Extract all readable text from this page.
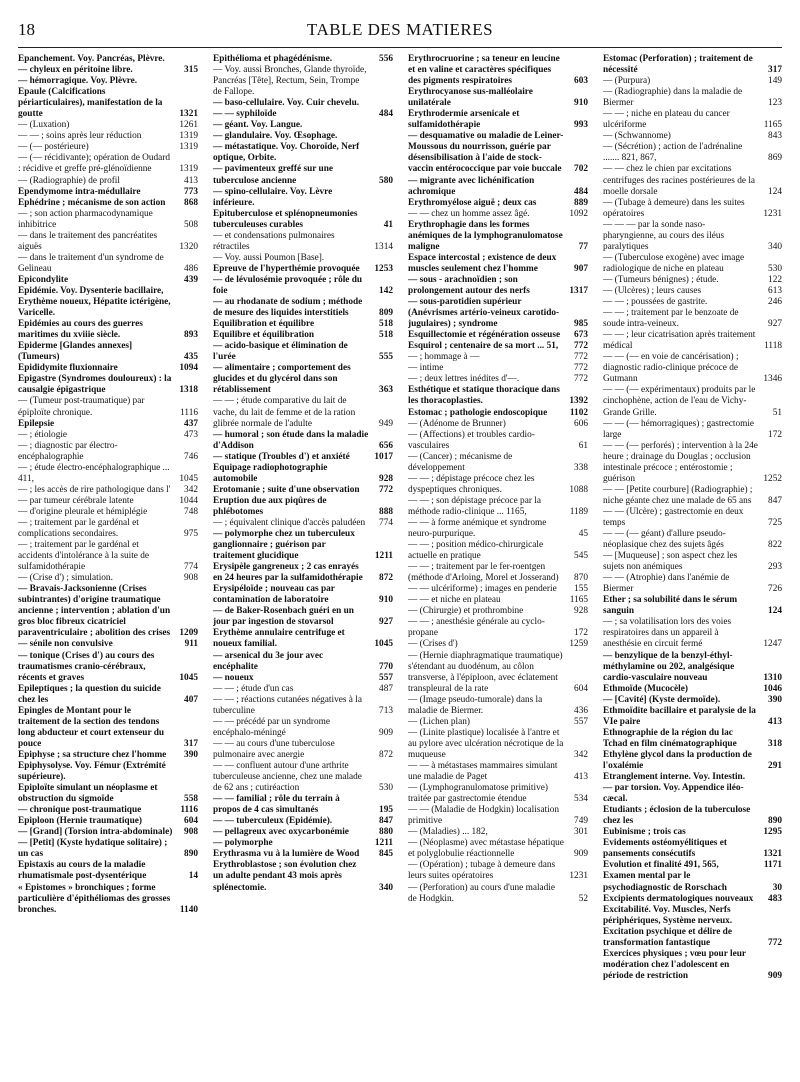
18	TABLE DES MATIERES
Epanchement. Voy. Pancréas, Plèvre.
— chyleux en péritoine libre.	315
— hémorragique. Voy. Plèvre.
Epaule (Calcifications périarticulaires), manifestation de la goutte	1321
— (Luxation)	1261
— — ; soins après leur réduction	1319
— (— postérieure)	1319
— (— récidivante); opération de Oudard : récidive et greffe pré-glénoïdienne	1319
— (Radiographie) de profil	413
Ependymome intra-médullaire	773
Ephédrine ; mécanisme de son action	868
— ; son action pharmacodynamique inhibitrice	508
— dans le traitement des pancréatites aiguës	1320
— dans le traitement d'un syndrome de Gelineau	486
Epicondylite	439
Epidémie. Voy. Dysenterie bacillaire, Erythème noueux, Hépatite ictérigène, Varicelle.
Epidémies au cours des guerres maritimes du xviiie siècle.	893
Epiderme [Glandes annexes] (Tumeurs)	435
Epididymite fluxionnaire	1094
Epigastre (Syndromes douloureux) : la causalgie épigastrique	1318
— (Tumeur post-traumatique) par épiploïte chronique.	1116
Epilepsie	437
— ; étiologie	473
— ; diagnostic par électro-encéphalographie	746
— ; étude électro-encéphalographique ... 411,	1045
— ; les accès de rire pathologique dans l'	342
— par tumeur cérébrale latente	1044
— d'origine pleurale et hémiplégie	748
— ; traitement par le gardénal et complications secondaires.	975
— ; traitement par le gardénal et accidents d'intolérance à la suite de sulfamidothérapie	774
— (Crise d') ; simulation.	908
— Bravais-Jacksonienne (Crises subintrantes) d'origine traumatique ancienne ; intervention ; ablation d'un gros bloc fibreux cicatriciel paraventriculaire ; abolition des crises 1209
— sénile non convulsive	911
— tonique (Crises d') au cours des traumatismes cranio-cérébraux, récents et graves	1045
Epileptiques ; la question du suicide chez les	407
Epingles de Montant pour le traitement de la section des tendons long abducteur et court extenseur du pouce	317
Epiphyse ; sa structure chez l'homme	390
Epiphysolyse. Voy. Fémur (Extrémité supérieure).
Epiploïte simulant un néoplasme et obstruction du sigmoïde	558
— chronique post-traumatique	1116
Epiploon (Hernie traumatique)	604
— [Grand] (Torsion intra-abdominale)	908
— [Petit] (Kyste hydatique solitaire) ; un cas	890
Epistaxis au cours de la maladie rhumatismale post-dysentérique	14
« Epistomes » bronchiques ; forme particulière d'épithéliomas des grosses bronches.	1140
Epithélioma et phagédénisme.	556
— Voy. aussi Bronches, Glande thyroïde, Pancréas [Tête], Rectum, Sein, Trompe de Fallope.
— baso-cellulaire. Voy. Cuir chevelu.
— — syphiloïde	484
— géant. Voy. Langue.
— glandulaire. Voy. Œsophage.
— métastatique. Voy. Choroïde, Nerf optique, Orbite.
— pavimenteux greffé sur une tuberculose ancienne	580
— spino-cellulaire. Voy. Lèvre inférieure.
Epituberculose et splénopneumonies tuberculeuses curables	41
— et condensations pulmonaires rétractiles	1314
— Voy. aussi Poumon [Base].
Epreuve de l'hyperthémie provoquée	1253
— de lévulosémie provoquée ; rôle du foie	142
— au rhodanate de sodium ; méthode de mesure des liquides interstitiels	809
Equilibration et équilibre	518
Equilibre et équilibration	518
— acido-basique et élimination de l'urée	555
— alimentaire ; comportement des glucides et du glycérol dans son rétablissement	363
— — ; étude comparative du lait de vache, du lait de femme et de la ration glibrée normale de l'adulte	949
— humoral ; son étude dans la maladie d'Addison	656
— statique (Troubles d') et anxiété	1017
Equipage radiophotographie automobile	928
Erotomanie ; suite d'une observation	772
Eruption due aux piqûres de phlébotomes	888
— ; équivalent clinique d'accès paludéen	774
— polymorphe chez un tuberculeux ganglionnaire ; guérison par traitement glucidique	1211
Erysipèle gangreneux ; 2 cas enrayés en 24 heures par la sulfamidothérapie	872
Erysipéloïde ; nouveau cas par contamination de laboratoire	910
— de Baker-Rosenbach guéri en un jour par ingestion de stovarsol	927
Erythème annulaire centrifuge et noueux familial.	1045
— arsenical du 3e jour avec encéphalite	770
— noueux	557
— — ; étude d'un cas	487
— — ; réactions cutanées négatives à la tuberculine	713
— — précédé par un syndrome encéphalo-méningé	909
— — au cours d'une tuberculose pulmonaire avec anergie	872
— — confluent autour d'une arthrite tuberculeuse ancienne, chez une malade de 62 ans ; cutiréaction	530
— — familial ; rôle du terrain à propos de 4 cas simultanés	195
— — tuberculeux (Epidémie).	847
— pellagreux avec oxycarbonémie	880
— polymorphe	1211
Erythrasma vu à la lumière de Wood	845
Erythroblastose ; son évolution chez un adulte pendant 43 mois après splénectomie.	340
Erythrocruorine ; sa teneur en leucine et en valine et caractères spécifiques des pigments respiratoires	603
Erythrocyanose sus-malléolaire unilatérale	910
Erythrodermie arsenicale et sulfamidothérapie	993
— desquamative ou maladie de Leiner-Moussous du nourrisson, guérie par désensibilisation à l'aide de stock-vaccin entérococcique par voie buccale	702
— migrante avec lichénification achromique	484
Erythromyélose aiguë ; deux cas	889
— — chez un homme assez âgé.	1092
Erythrophagie dans les formes anémiques de la lymphogranulomatose maligne	77
Espace intercostal ; existence de deux muscles seulement chez l'homme	907
— sous - arachnoïdien ; son prolongement autour des nerfs	1317
— sous-parotidien supérieur (Anévrismes artério-veineux carotido-jugulaires) ; syndrome	985
Esquillectomie et régénération osseuse	673
Esquirol ; centenaire de sa mort ... 51,	772
— ; hommage à —	772
— intime	772
— ; deux lettres inédites d'—.	772
Esthétique et statique thoracique dans les thoracoplasties.	1392
Estomac ; pathologie endoscopique	1102
— (Adénome de Brunner)	606
— (Affections) et troubles cardio-vasculaires	61
— (Cancer) ; mécanisme de développement	338
— — ; dépistage précoce chez les dyspeptiques chroniques.	1088
— — ; son dépistage précoce par la méthode radio-clinique ... 1165,	1189
— — à forme anémique et syndrome neuro-purpurique.	45
— — ; position médico-chirurgicale actuelle en pratique	545
— — ; traitement par le fer-roentgen (méthode d'Arloing, Morel et Josserand)	870
— — ulcériforme) ; images en penderie	155
— — et niche en plateau	1165
— (Chirurgie) et prothrombine	928
— — ; anesthésie générale au cyclo-propane	172
— (Crises d')	1259
— (Hernie diaphragmatique traumatique) s'étendant au duodénum, au côlon transverse, à l'épiploon, avec éclatement transpleural de la rate	604
— (Image pseudo-tumorale) dans la maladie de Biermer.	436
— (Lichen plan)	557
— (Linite plastique) localisée à l'antre et au pylore avec ulcération nécrotique de la muqueuse	342
— — à métastases mammaires simulant une maladie de Paget	413
— (Lymphogranulomatose primitive) traitée par gastrectomie étendue	534
— — (Maladie de Hodgkin) localisation primitive	749
— (Maladies) ... 182,	301
— (Néoplasme) avec métastase hépatique et polyglobulie réactionnelle	909
— (Opération) ; tubage à demeure dans leurs suites opératoires	1231
— (Perforation) au cours d'une maladie de Hodgkin.	52
Estomac (Perforation) ; traitement de nécessité	317
— (Purpura)	149
— (Radiographie) dans la maladie de Biermer	123
— — ; niche en plateau du cancer ulcériforme	1165
— (Schwannome)	843
— (Sécrétion) ; action de l'adrénaline ....... 821, 867,	869
— — chez le chien par excitations centrifuges des racines postérieures de la moelle dorsale	124
— (Tubage à demeure) dans les suites opératoires	1231
— — — par la sonde naso-pharyngienne, au cours des iléus paralytiques	340
— (Tuberculose exogène) avec image radiologique de niche en plateau	530
— (Tumeurs bénignes) ; étude.	122
— (Ulcères) ; leurs causes	613
— — ; poussées de gastrite.	246
— — ; traitement par le benzoate de soude intra-veineux.	927
— — ; leur cicatrisation après traitement médical	1118
— — (— en voie de cancérisation) ; diagnostic radio-clinique précoce de Gutmann	1346
— — (— expérimentaux) produits par le cinchophène, action de l'eau de Vichy-Grande Grille.	51
— — (— hémorragiques) ; gastrectomie large	172
— — (— perforés) ; intervention à la 24e heure ; drainage du Douglas ; occlusion intestinale précoce ; entérostomie ; guérison	1252
— — [Petite courbure] (Radiographie) ; niche géante chez une malade de 65 ans	847
— — (Ulcère) ; gastrectomie en deux temps	725
— — (— géant) d'allure pseudo-néoplasique chez des sujets âgés	822
— [Muqueuse] ; son aspect chez les sujets non anémiques	293
— — (Atrophie) dans l'anémie de Biermer	726
Ether ; sa solubilité dans le sérum sanguin	124
— ; sa volatilisation lors des voies respiratoires dans un appareil à anesthésie en circuit fermé	1247
— benzylique de la benzyl-éthyl-méthylamine ou 202, analgésique cardio-vasculaire nouveau	1310
Ethmoïde (Mucocèle)	1046
— [Cavité] (Kyste dermoïde).	390
Ethmoïdite bacillaire et paralysie de la VIe paire	413
Ethnographie de la région du lac Tchad en film cinématographique	318
Ethylène glycol dans la production de l'oxalémie	291
Etranglement interne. Voy. Intestin.
— par torsion. Voy. Appendice iléo-cæcal.
Etudiants ; éclosion de la tuberculose chez les	890
Eubinisme ; trois cas	1295
Evidements ostéomyélitiques et pansements consécutifs	1321
Evolution et finalité 491, 565,	1171
Examen mental par le psychodiagnostic de Rorschach	30
Excipients dermatologiques nouveaux	483
Excitabilité. Voy. Muscles, Nerfs périphériques, Système nerveux.
Excitation psychique et délire de transformation fantastique	772
Exercices physiques ; vœu pour leur modération chez l'adolescent en période de restriction	909
